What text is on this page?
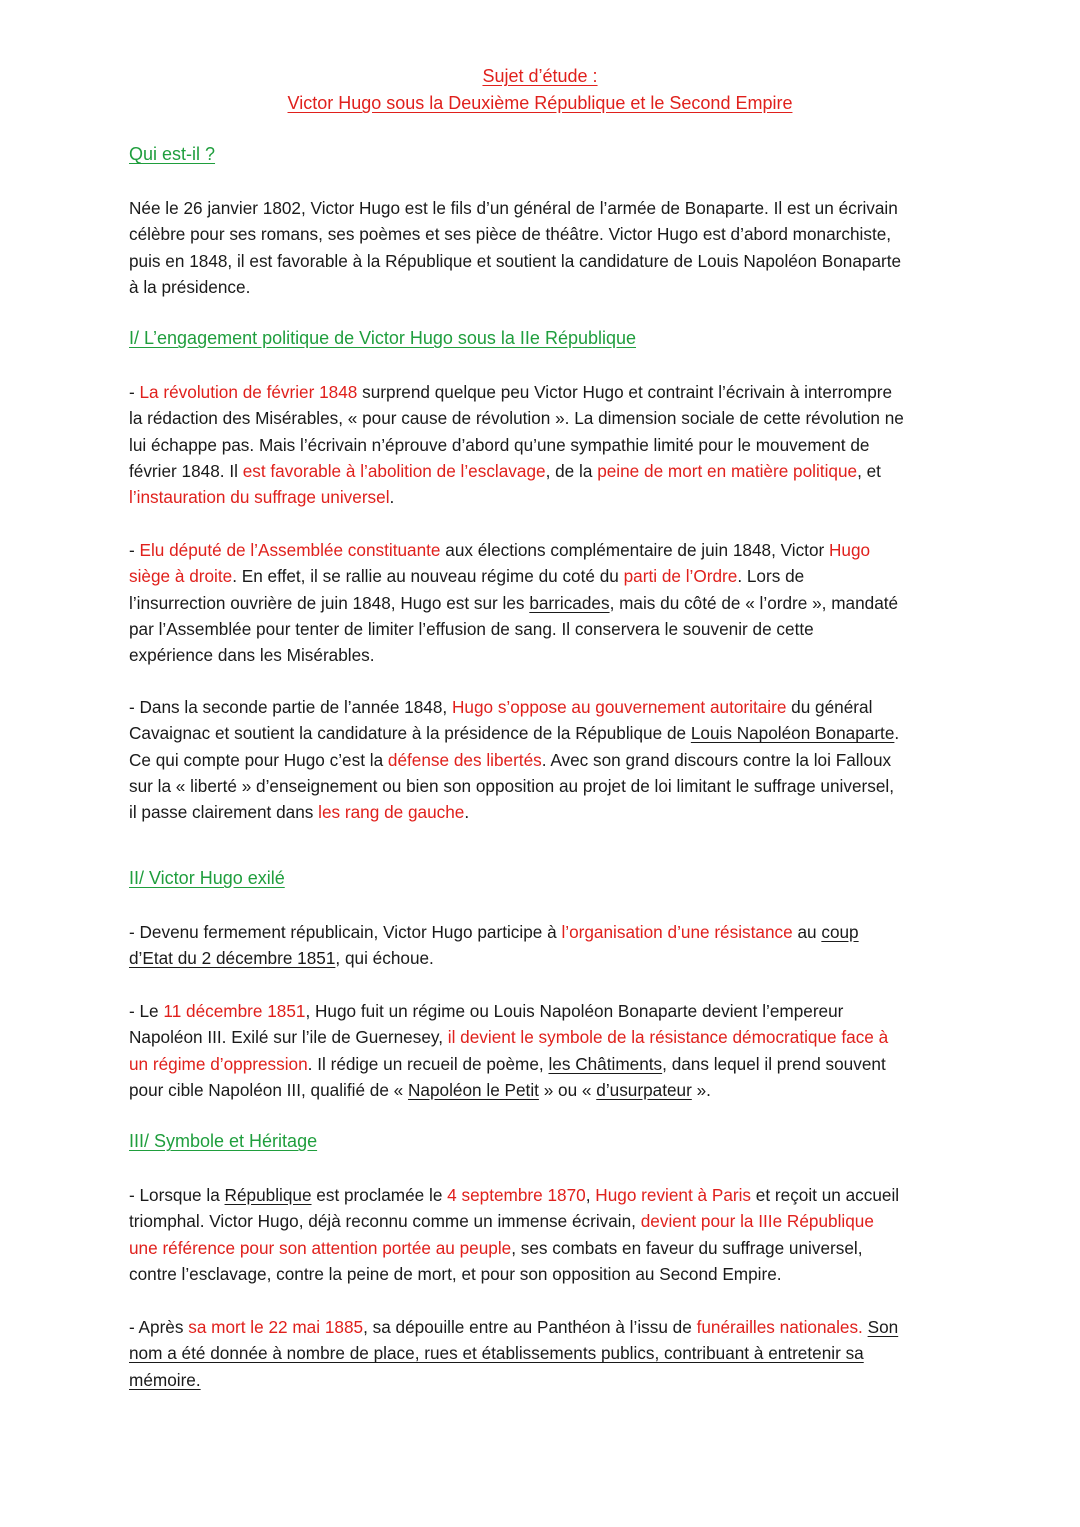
Sujet d’étude :
Victor Hugo sous la Deuxième République et le Second Empire
Qui est-il ?
Née le 26 janvier 1802, Victor Hugo est le fils d’un général de l’armée de Bonaparte. Il est un écrivain
célèbre pour ses romans, ses poèmes et ses pièce de théâtre. Victor Hugo est d’abord monarchiste,
puis en 1848, il est favorable à la République et soutient la candidature de Louis Napoléon Bonaparte
à la présidence.
I/ L’engagement politique de Victor Hugo sous la IIe République
- La révolution de février 1848 surprend quelque peu Victor Hugo et contraint l’écrivain à interrompre
la rédaction des Misérables, « pour cause de révolution ». La dimension sociale de cette révolution ne
lui échappe pas. Mais l’écrivain n’éprouve d’abord qu’une sympathie limité pour le mouvement de
février 1848. Il est favorable à l’abolition de l’esclavage, de la peine de mort en matière politique, et
l’instauration du suffrage universel.
- Elu député de l’Assemblée constituante aux élections complémentaire de juin 1848, Victor Hugo
siège à droite. En effet, il se rallie au nouveau régime du coté du parti de l’Ordre. Lors de
l’insurrection ouvrière de juin 1848, Hugo est sur les barricades, mais du côté de « l’ordre », mandaté
par l’Assemblée pour tenter de limiter l’effusion de sang. Il conservera le souvenir de cette
expérience dans les Misérables.
- Dans la seconde partie de l’année 1848, Hugo s’oppose au gouvernement autoritaire du général
Cavaignac et soutient la candidature à la présidence de la République de Louis Napoléon Bonaparte.
Ce qui compte pour Hugo c’est la défense des libertés. Avec son grand discours contre la loi Falloux
sur la « liberté » d’enseignement ou bien son opposition au projet de loi limitant le suffrage universel,
il passe clairement dans les rang de gauche.
II/ Victor Hugo exilé
- Devenu fermement républicain, Victor Hugo participe à l’organisation d’une résistance au coup
d’Etat du 2 décembre 1851, qui échoue.
- Le 11 décembre 1851, Hugo fuit un régime ou Louis Napoléon Bonaparte devient l’empereur
Napoléon III. Exilé sur l’ile de Guernesey, il devient le symbole de la résistance démocratique face à
un régime d’oppression. Il rédige un recueil de poème, les Châtiments, dans lequel il prend souvent
pour cible Napoléon III, qualifié de « Napoléon le Petit » ou « d’usurpateur ».
III/ Symbole et Héritage
- Lorsque la République est proclamée le 4 septembre 1870, Hugo revient à Paris et reçoit un accueil
triomphal. Victor Hugo, déjà reconnu comme un immense écrivain, devient pour la IIIe République
une référence pour son attention portée au peuple, ses combats en faveur du suffrage universel,
contre l’esclavage, contre la peine de mort, et pour son opposition au Second Empire.
- Après sa mort le 22 mai 1885, sa dépouille entre au Panthéon à l’issu de funérailles nationales. Son
nom a été donnée à nombre de place, rues et établissements publics, contribuant à entretenir sa
mémoire.
